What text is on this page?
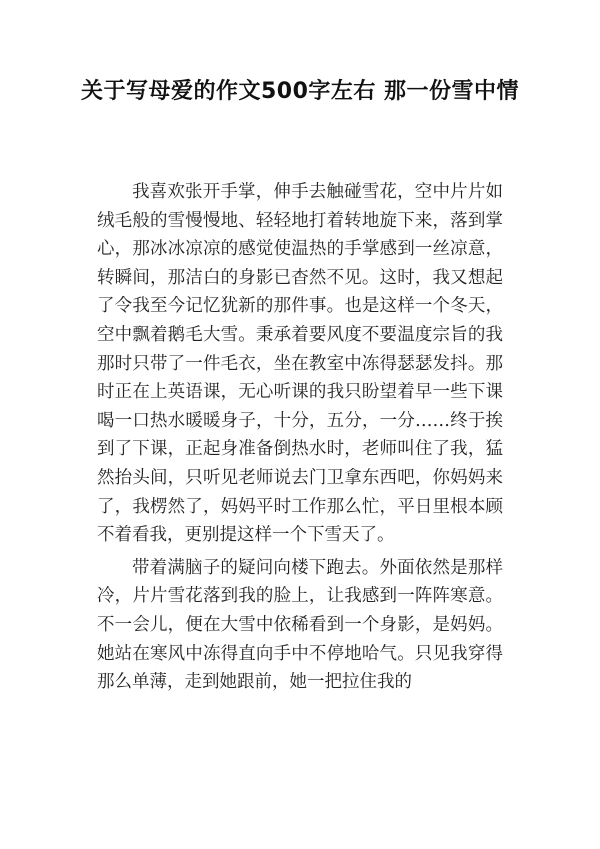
关于写母爱的作文500字左右 那一份雪中情

我喜欢张开手掌，伸手去触碰雪花，空中片片如绒毛般的雪慢慢地、轻轻地打着转地旋下来，落到掌心，那冰冰凉凉的感觉使温热的手掌感到一丝凉意，转瞬间，那洁白的身影已杳然不见。这时，我又想起了令我至今记忆犹新的那件事。也是这样一个冬天，空中飘着鹅毛大雪。秉承着要风度不要温度宗旨的我那时只带了一件毛衣，坐在教室中冻得瑟瑟发抖。那时正在上英语课，无心听课的我只盼望着早一些下课喝一口热水暖暖身子，十分，五分，一分……终于挨到了下课，正起身准备倒热水时，老师叫住了我，猛然抬头间，只听见老师说去门卫拿东西吧，你妈妈来了，我楞然了，妈妈平时工作那么忙，平日里根本顾不着看我，更别提这样一个下雪天了。

带着满脑子的疑问向楼下跑去。外面依然是那样冷，片片雪花落到我的脸上，让我感到一阵阵寒意。不一会儿，便在大雪中依稀看到一个身影，是妈妈。她站在寒风中冻得直向手中不停地哈气。只见我穿得那么单薄，走到她跟前，她一把拉住我的
